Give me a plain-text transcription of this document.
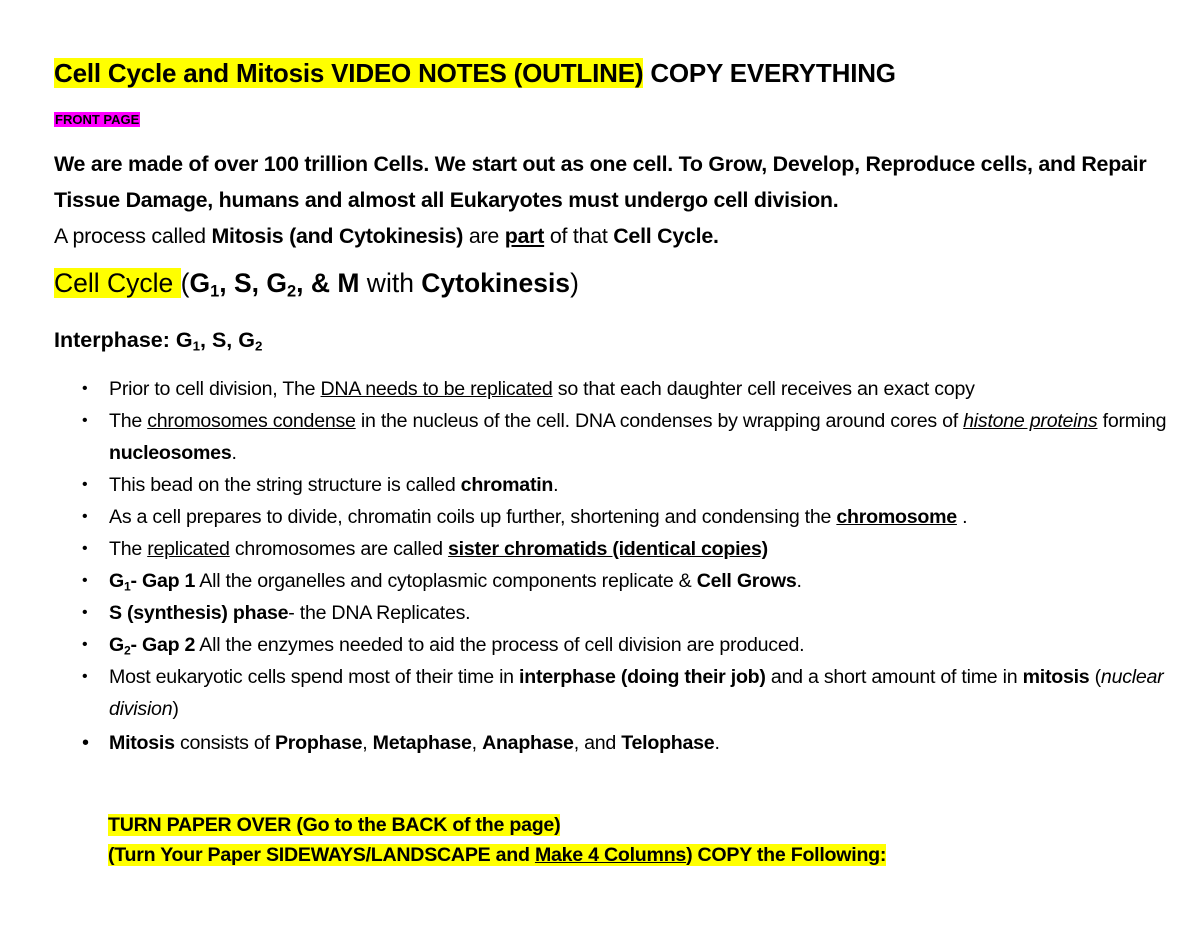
Cell Cycle and Mitosis VIDEO NOTES (OUTLINE) COPY EVERYTHING
FRONT PAGE
We are made of over 100 trillion Cells. We start out as one cell. To Grow, Develop, Reproduce cells, and Repair Tissue Damage, humans and almost all Eukaryotes must undergo cell division.
A process called Mitosis (and Cytokinesis) are part of that Cell Cycle.
Cell Cycle ($G_1$, S, $G_2$, & M with Cytokinesis)
Interphase: $G_1$, S, $G_2$
• Prior to cell division, The DNA needs to be replicated so that each daughter cell receives an exact copy
• The chromosomes condense in the nucleus of the cell. DNA condenses by wrapping around cores of histone proteins forming nucleosomes.
• This bead on the string structure is called chromatin.
• As a cell prepares to divide, chromatin coils up further, shortening and condensing the chromosome .
• The replicated chromosomes are called sister chromatids (identical copies)
• $G_1-$ Gap 1 All the organelles and cytoplasmic components replicate & Cell Grows.
• S (synthesis) phase- the DNA Replicates.
• $G_2-$ Gap 2 All the enzymes needed to aid the process of cell division are produced.
• Most eukaryotic cells spend most of their time in interphase (doing their job) and a short amount of time in mitosis (nuclear division)
• Mitosis consists of Prophase, Metaphase, Anaphase, and Telophase.
TURN PAPER OVER (Go to the BACK of the page)
(Turn Your Paper SIDEWAYS/LANDSCAPE and Make 4 Columns) COPY the Following:
